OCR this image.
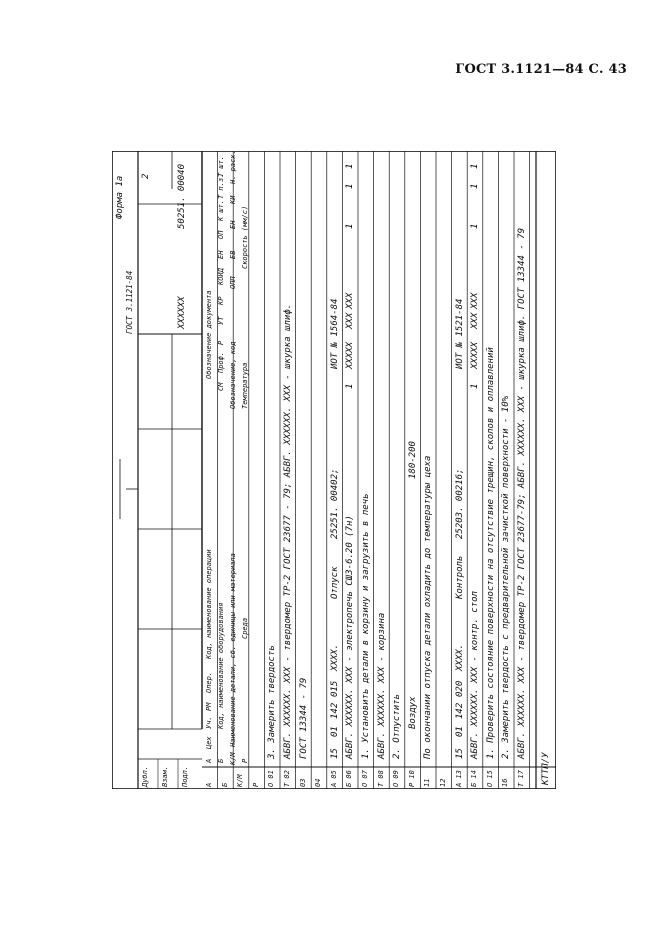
ГОСТ 3.1121—84 С. 43
Форма 1а
ГОСТ 3.1121-84
2
XXXXXX
50251. 00040
Дубл. Взам. Подл.
А
Цех
Уч.
РМ
Опер.
Код, наименование операции
Обозначение документа
Б
Код, наименование оборудования
СМ
Проф.
Р
УТ
КР
КОИД
ЕН
ОП
К шт.
Т п.з.
Т шт.
К/М
Наименование детали, сб. единицы или материала
Обозначение, код
ОПП
ЕВ
ЕН
КИ
Н. расх.
Р
Среда
Температура
Скорость (мм/с)
А Б К/М Р О 01
3. Замерить твердость
Т 02
АБВГ. XXXXXX. XXX - твердомер ТР-2 ГОСТ 23677 - 79; АБВГ. XXXXXX. XXX - шкурка шлиф.
03
ГОСТ 13344 - 79
04 А 05
15
01
142
015
XXXX.
Отпуск
25251. 00402;
ИОТ № 1564-84
Б 06
АБВГ. XXXXXX. XXX - электропечь СШЗ-6.20 (7н)
1
XXXXX
XXX
XXX
1
1
1
О 07
1. Установить детали в корзину и загрузить в печь
Т 08
АБВГ. XXXXXX. XXX - корзина
О 09
2. Отпустить
Р 10
Воздух
180-200
11
По окончании отпуска детали охладить до температуры цеха
12 А 13
15
01
142
020
XXXX.
Контроль
25203. 00216;
ИОТ № 1521-84
Б 14
АБВГ. XXXXXX. XXX - контр. стол
1
XXXXX
XXX
XXX
1
1
1
О 15
1. Проверить состояние поверхности на отсутствие трещин, сколов и оплавлений
16
2. Замерить твердость с предварительной зачисткой поверхности - 10%
Т 17
АБВГ. XXXXXX. XXX - твердомер ТР-2 ГОСТ 23677-79; АБВГ. XXXXXX. XXX - шкурка шлиф. ГОСТ 13344 - 79
КТТП/У
